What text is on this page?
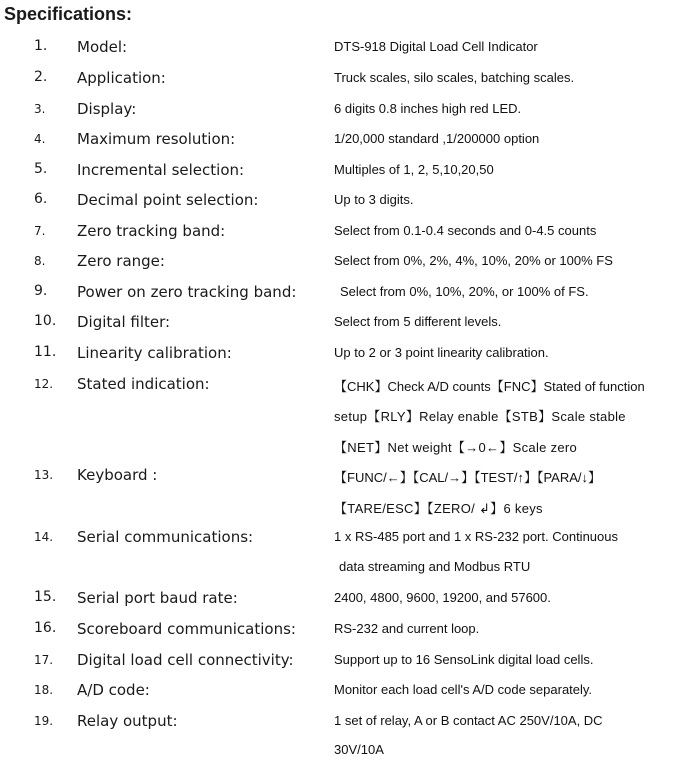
Specifications:
1. Model:	DTS-918 Digital Load Cell Indicator
2. Application:	Truck scales, silo scales, batching scales.
3. Display:	6 digits 0.8 inches high red LED.
4. Maximum resolution:	1/20,000 standard ,1/200000 option
5. Incremental selection:	Multiples of 1, 2, 5,10,20,50
6. Decimal point selection:	Up to 3 digits.
7. Zero tracking band:	Select from 0.1-0.4 seconds and 0-4.5 counts
8. Zero range:	Select from 0%, 2%, 4%, 10%, 20% or 100% FS
9. Power on zero tracking band:	Select from 0%, 10%, 20%, or 100% of FS.
10. Digital filter:	Select from 5 different levels.
11. Linearity calibration:	Up to 2 or 3 point linearity calibration.
12. Stated indication:	【CHK】Check A/D counts【FNC】Stated of function
setup【RLY】Relay enable【STB】Scale stable
【NET】Net weight【→0←】Scale zero
13. Keyboard :	【FUNC/←】【CAL/→】【TEST/↑】【PARA/↓】
【TARE/ESC】【ZERO/ ↲】6 keys
14. Serial communications:	1 x RS-485 port and 1 x RS-232 port. Continuous
data streaming and Modbus RTU
15. Serial port baud rate:	2400, 4800, 9600, 19200, and 57600.
16. Scoreboard communications:	RS-232 and current loop.
17. Digital load cell connectivity:	Support up to 16 SensoLink digital load cells.
18. A/D code:	Monitor each load cell's A/D code separately.
19. Relay output:	1 set of relay, A or B contact AC 250V/10A, DC
30V/10A
